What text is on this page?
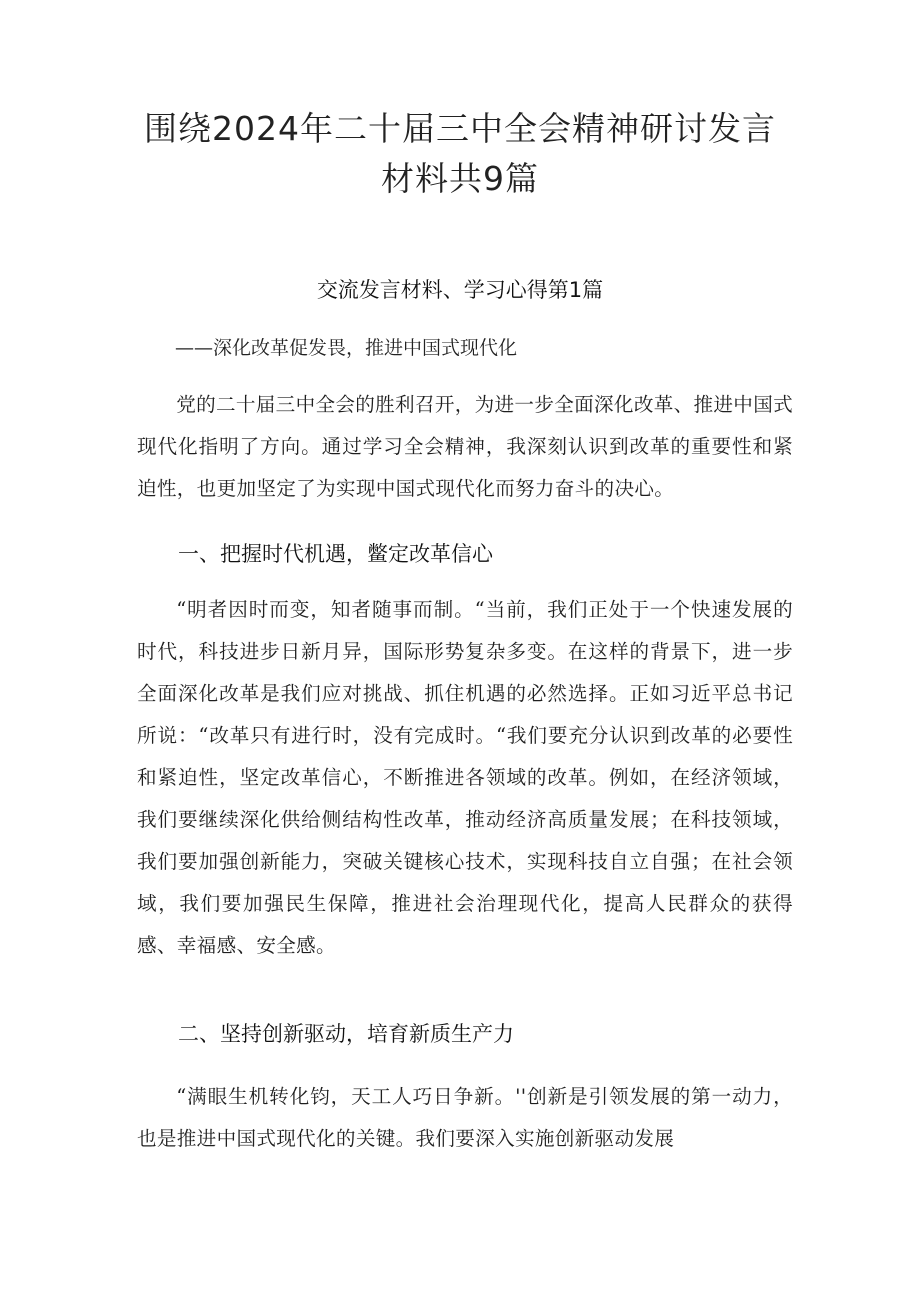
围绕2024年二十届三中全会精神研讨发言
材料共9篇
交流发言材料、学习心得第1篇

——深化改革促发畏，推进中国式现代化

党的二十届三中全会的胜利召开，为进一步全面深化改革、推进中国式现代化指明了方向。通过学习全会精神，我深刻认识到改革的重要性和紧迫性，也更加坚定了为实现中国式现代化而努力奋斗的决心。

一、把握时代机遇，鳖定改革信心

“明者因时而变，知者随事而制。“当前，我们正处于一个快速发展的时代，科技进步日新月异，国际形势复杂多变。在这样的背景下，进一步全面深化改革是我们应对挑战、抓住机遇的必然选择。正如习近平总书记所说：“改革只有进行时，没有完成时。“我们要充分认识到改革的必要性和紧迫性，坚定改革信心，不断推进各领域的改革。例如，在经济领域，我们要继续深化供给侧结构性改革，推动经济高质量发展；在科技领域，我们要加强创新能力，突破关键核心技术，实现科技自立自强；在社会领域，我们要加强民生保障，推进社会治理现代化，提高人民群众的获得感、幸福感、安全感。

二、坚持创新驱动，培育新质生产力

“满眼生机转化钧，天工人巧日争新。''创新是引领发展的第一动力，也是推进中国式现代化的关键。我们要深入实施创新驱动发展
